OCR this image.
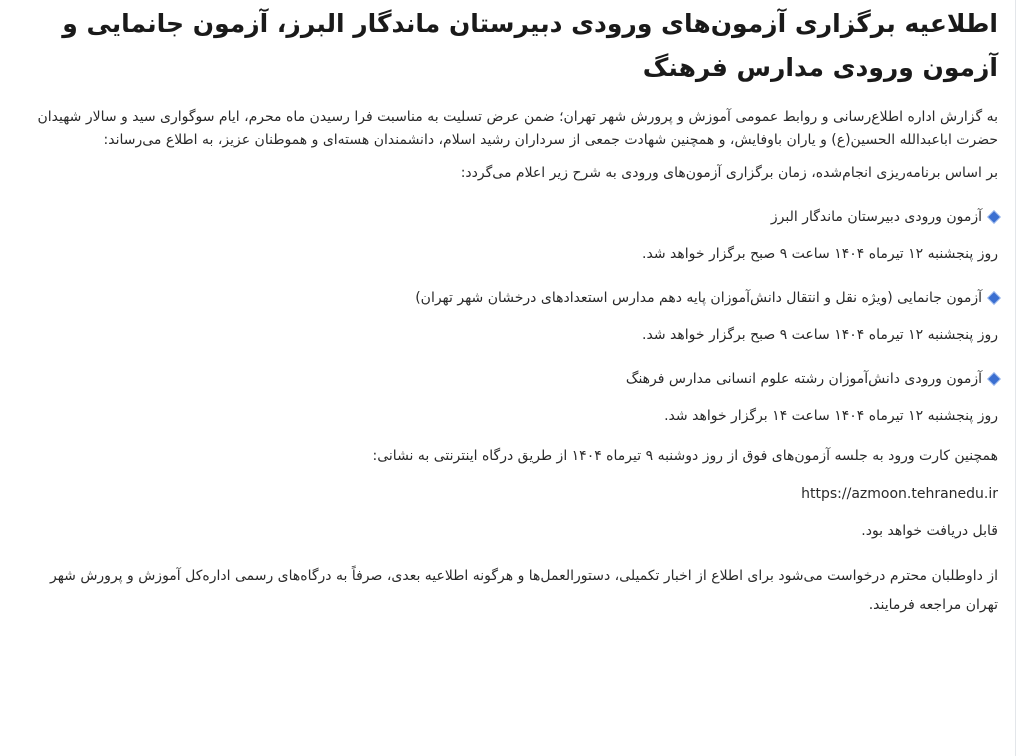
اطلاعیه برگزاری آزمون‌های ورودی دبیرستان ماندگار البرز، آزمون جانمایی و آزمون ورودی مدارس فرهنگ

به گزارش اداره اطلاع‌رسانی و روابط عمومی آموزش و پرورش شهر تهران؛ ضمن عرض تسلیت به مناسبت فرا رسیدن ماه محرم، ایام سوگواری سید و سالار شهیدان حضرت اباعبدالله الحسین(ع) و یاران باوفایش، و همچنین شهادت جمعی از سرداران رشید اسلام، دانشمندان هسته‌ای و هموطنان عزیز، به اطلاع می‌رساند:

بر اساس برنامه‌ریزی انجام‌شده، زمان برگزاری آزمون‌های ورودی به شرح زیر اعلام می‌گردد:

آزمون ورودی دبیرستان ماندگار البرز

روز پنجشنبه ۱۲ تیرماه ۱۴۰۴ ساعت ۹ صبح برگزار خواهد شد.

آزمون جانمایی (ویژه نقل و انتقال دانش‌آموزان پایه دهم مدارس استعدادهای درخشان شهر تهران)

روز پنجشنبه ۱۲ تیرماه ۱۴۰۴ ساعت ۹ صبح برگزار خواهد شد.

آزمون ورودی دانش‌آموزان رشته علوم انسانی مدارس فرهنگ

روز پنجشنبه ۱۲ تیرماه ۱۴۰۴ ساعت ۱۴ برگزار خواهد شد.

همچنین کارت ورود به جلسه آزمون‌های فوق از روز دوشنبه ۹ تیرماه ۱۴۰۴ از طریق درگاه اینترنتی به نشانی:

https://azmoon.tehranedu.ir

قابل دریافت خواهد بود.

از داوطلبان محترم درخواست می‌شود برای اطلاع از اخبار تکمیلی، دستورالعمل‌ها و هرگونه اطلاعیه بعدی، صرفاً به درگاه‌های رسمی اداره‌کل آموزش و پرورش شهر تهران مراجعه فرمایند.
